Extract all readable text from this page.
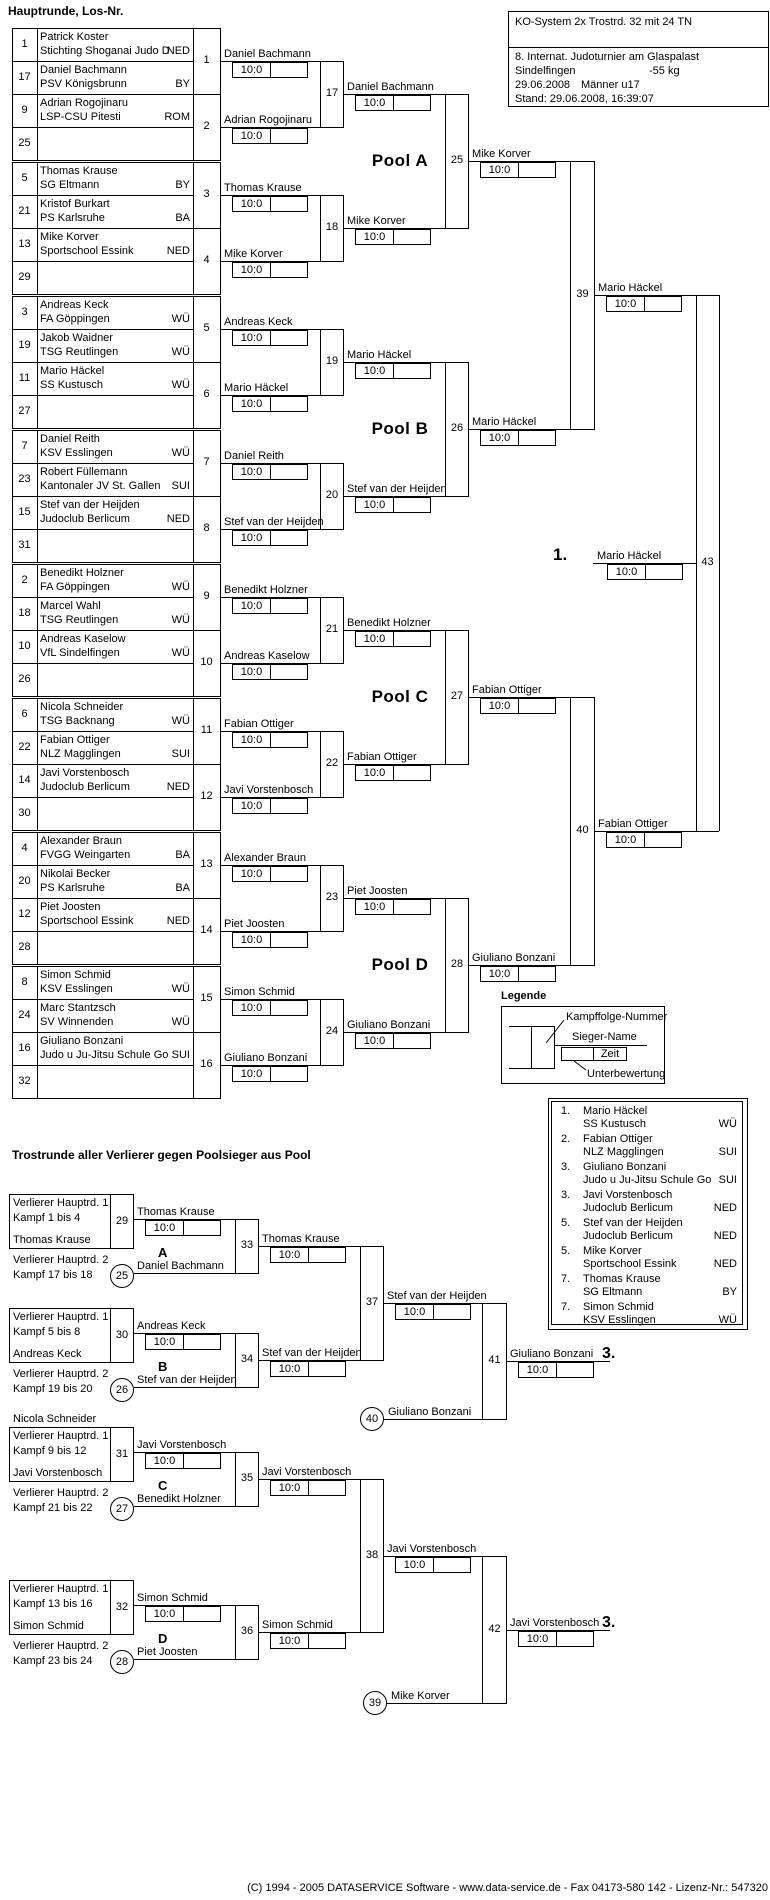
Hauptrunde, Los-Nr.
KO-System 2x Trostrd. 32 mit 24 TN
8. Internat. Judoturnier am Glaspalast
Sindelfingen	-55 kg
29.06.2008 Männer u17
Stand: 29.06.2008, 16:39:07
Legende
Kampffolge-Nummer
Sieger-Name
Zeit
Unterbewertung
1. Mario Häckel
SS Kustusch	WÜ
2. Fabian Ottiger
NLZ Magglingen	SUI
3. Giuliano Bonzani
Judo u Ju-Jitsu Schule Go SUI
3. Javi Vorstenbosch
Judoclub Berlicum	NED
5. Stef van der Heijden
Judoclub Berlicum	NED
5. Mike Korver
Sportschool Essink	NED
7. Thomas Krause
SG Eltmann	BY
7. Simon Schmid
KSV Esslingen	WÜ
Trostrunde aller Verlierer gegen Poolsieger aus Pool
(C) 1994 - 2005 DATASERVICE Software - www.data-service.de - Fax 04173-580 142 - Lizenz-Nr.: 547320
1
Patrick Koster
Stichting Shoganai Judo D
NED
17
Daniel Bachmann
PSV Königsbrunn	BY
9
Adrian Rogojinaru
LSP-CSU Pitesti	ROM
25
5
Thomas Krause
SG Eltmann	BY
21
Kristof Burkart
PS Karlsruhe	BA
13
Mike Korver
Sportschool Essink	NED
29
3
Andreas Keck
FA Göppingen	WÜ
19
Jakob Waidner
TSG Reutlingen	WÜ
11
Mario Häckel
SS Kustusch	WÜ
27
7
Daniel Reith
KSV Esslingen	WÜ
23
Robert Füllemann
Kantonaler JV St. Gallen	SUI
15
Stef van der Heijden
Judoclub Berlicum	NED
31
2
Benedikt Holzner
FA Göppingen	WÜ
18
Marcel Wahl
TSG Reutlingen	WÜ
10
Andreas Kaselow
VfL Sindelfingen	WÜ
26
6
Nicola Schneider
TSG Backnang	WÜ
22
Fabian Ottiger
NLZ Magglingen	SUI
14
Javi Vorstenbosch
Judoclub Berlicum	NED
30
4
Alexander Braun
FVGG Weingarten	BA
20
Nikolai Becker
PS Karlsruhe	BA
12
Piet Joosten
Sportschool Essink	NED
28
8
Simon Schmid
KSV Esslingen	WÜ
24
Marc Stantzsch
SV Winnenden	WÜ
16
Giuliano Bonzani
Judo u Ju-Jitsu Schule Go SUI
32
1	Daniel Bachmann
10:0
2	Adrian Rogojinaru
10:0
3	Thomas Krause
10:0
4	Mike Korver
10:0
5	Andreas Keck
10:0
6	Mario Häckel
10:0
7	Daniel Reith
10:0
8	Stef van der Heijden
10:0
9	Benedikt Holzner
10:0
10	Andreas Kaselow
10:0
11	Fabian Ottiger
10:0
12	Javi Vorstenbosch
10:0
13	Alexander Braun
10:0
14	Piet Joosten
10:0
15	Simon Schmid
10:0
16	Giuliano Bonzani
10:0
17 Daniel Bachmann
10:0
18 Mike Korver
10:0
19 Mario Häckel
10:0
20 Stef van der Heijden
10:0
21 Benedikt Holzner
10:0
22 Fabian Ottiger
10:0
23 Piet Joosten
10:0
24 Giuliano Bonzani
10:0
25
Pool A	Mike Korver
10:0
26
Pool B	Mario Häckel
10:0
27
Pool C	Fabian Ottiger
10:0
28
Pool D	Giuliano Bonzani
10:0
39 Mario Häckel
10:0
40 Fabian Ottiger
10:0
43
Mario Häckel
10:0
1.
29
Verlierer Hauptrd. 1
Kampf 1 bis 4
Thomas Krause
Thomas Krause
10:0
Verlierer Hauptrd. 2
Kampf 17 bis 18	25
A
Daniel Bachmann
33 Thomas Krause
10:0
30
Verlierer Hauptrd. 1
Kampf 5 bis 8
Andreas Keck
Andreas Keck
10:0
Verlierer Hauptrd. 2
Kampf 19 bis 20	26
B
Stef van der Heijden
34 Stef van der Heijden
10:0
Nicola Schneider
31
Verlierer Hauptrd. 1
Kampf 9 bis 12
Javi Vorstenbosch
Javi Vorstenbosch
10:0
Verlierer Hauptrd. 2
Kampf 21 bis 22	27
C
Benedikt Holzner
35 Javi Vorstenbosch
10:0
32
Verlierer Hauptrd. 1
Kampf 13 bis 16
Simon Schmid
Simon Schmid
10:0
Verlierer Hauptrd. 2
Kampf 23 bis 24	28
D
Piet Joosten
36 Simon Schmid
10:0
37 Stef van der Heijden
10:0
38 Javi Vorstenbosch
10:0
40
Giuliano Bonzani
39
Mike Korver
41 Giuliano Bonzani
10:0
3.
42 Javi Vorstenbosch
10:0
3.
